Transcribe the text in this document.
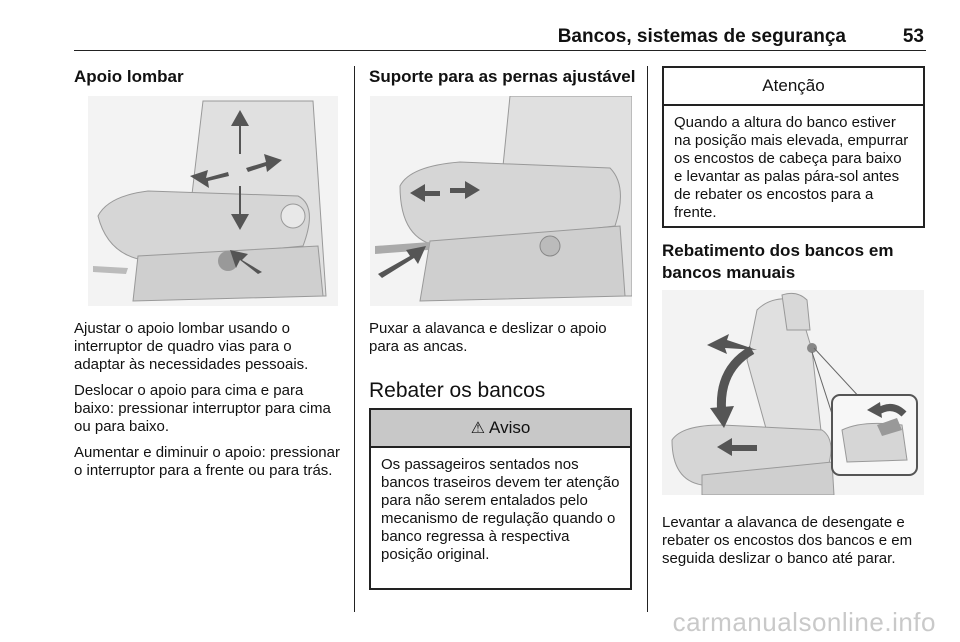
Bancos, sistemas de segurança	53
Apoio lombar

Ajustar o apoio lombar usando o interruptor de quadro vias para o adaptar às necessidades pessoais.

Deslocar o apoio para cima e para baixo: pressionar interruptor para cima ou para baixo.

Aumentar e diminuir o apoio: pressionar o interruptor para a frente ou para trás.

Suporte para as pernas ajustável

Puxar a alavanca e deslizar o apoio para as ancas.

Rebater os bancos
⚠ Aviso
Os passageiros sentados nos bancos traseiros devem ter atenção para não serem entalados pelo mecanismo de regulação quando o banco regressa à respectiva posição original.
Atenção
Quando a altura do banco estiver na posição mais elevada, empurrar os encostos de cabeça para baixo e levantar as palas pára-sol antes de rebater os encostos para a frente.
Rebatimento dos bancos em bancos manuais

Levantar a alavanca de desengate e rebater os encostos dos bancos e em seguida deslizar o banco até parar.

carmanualsonline.info
